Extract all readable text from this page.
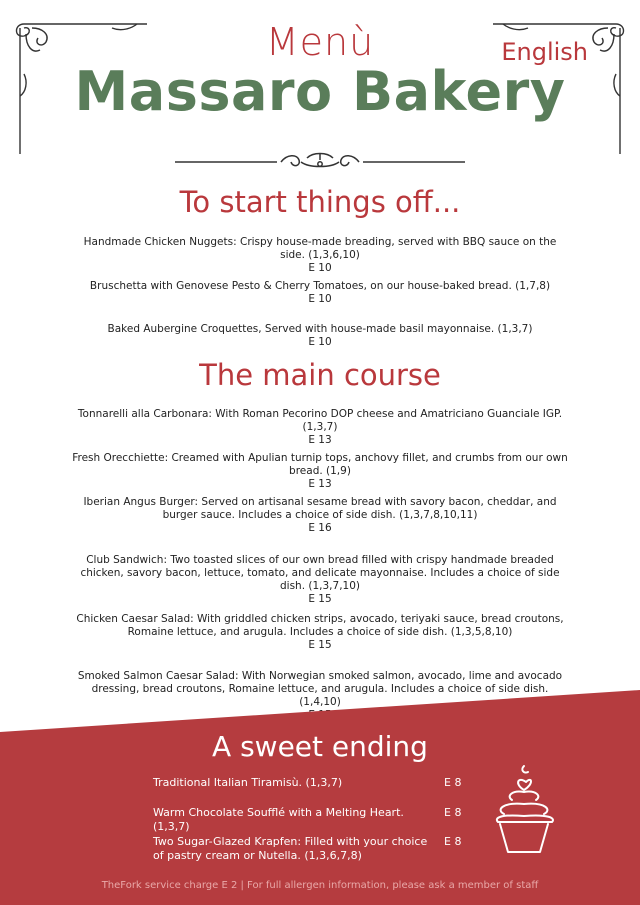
Menù	English
Massaro Bakery
To start things off...
Handmade Chicken Nuggets: Crispy house-made breading, served with BBQ sauce on the side. (1,3,6,10)
E 10
Bruschetta with Genovese Pesto & Cherry Tomatoes, on our house-baked bread. (1,7,8)
E 10
Baked Aubergine Croquettes, Served with house-made basil mayonnaise. (1,3,7)
E 10
The main course
Tonnarelli alla Carbonara: With Roman Pecorino DOP cheese and Amatriciano Guanciale IGP. (1,3,7)
E 13
Fresh Orecchiette: Creamed with Apulian turnip tops, anchovy fillet, and crumbs from our own bread. (1,9)
E 13
Iberian Angus Burger: Served on artisanal sesame bread with savory bacon, cheddar, and burger sauce. Includes a choice of side dish. (1,3,7,8,10,11)
E 16
Club Sandwich: Two toasted slices of our own bread filled with crispy handmade breaded chicken, savory bacon, lettuce, tomato, and delicate mayonnaise. Includes a choice of side dish. (1,3,7,10)
E 15
Chicken Caesar Salad: With griddled chicken strips, avocado, teriyaki sauce, bread croutons, Romaine lettuce, and arugula. Includes a choice of side dish. (1,3,5,8,10)
E 15
Smoked Salmon Caesar Salad: With Norwegian smoked salmon, avocado, lime and avocado dressing, bread croutons, Romaine lettuce, and arugula. Includes a choice of side dish. (1,4,10)
A sweet ending
Traditional Italian Tiramisù. (1,3,7)	E 8
Warm Chocolate Soufflé with a Melting Heart. (1,3,7)
E 8
Two Sugar-Glazed Krapfen: Filled with your choice of pastry cream or Nutella. (1,3,6,7,8)
E 8
TheFork service charge E 2 | For full allergen information, please ask a member of staff
